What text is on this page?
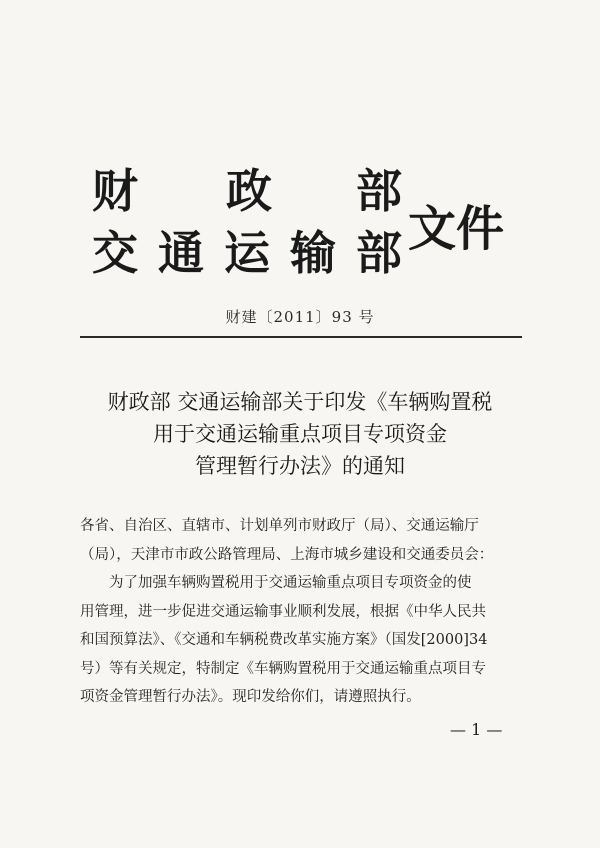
财 政 部
交 通 运 输 部 文件
财建〔2011〕93 号
财政部 交通运输部关于印发《车辆购置税
用于交通运输重点项目专项资金
管理暂行办法》的通知

各省、自治区、直辖市、计划单列市财政厅（局）、交通运输厅

（局），天津市市政公路管理局、上海市城乡建设和交通委员会：

为了加强车辆购置税用于交通运输重点项目专项资金的使

用管理，进一步促进交通运输事业顺利发展，根据《中华人民共

和国预算法》、《交通和车辆税费改革实施方案》（国发[2000]34

号）等有关规定，特制定《车辆购置税用于交通运输重点项目专

项资金管理暂行办法》。现印发给你们，请遵照执行。

— 1 —
